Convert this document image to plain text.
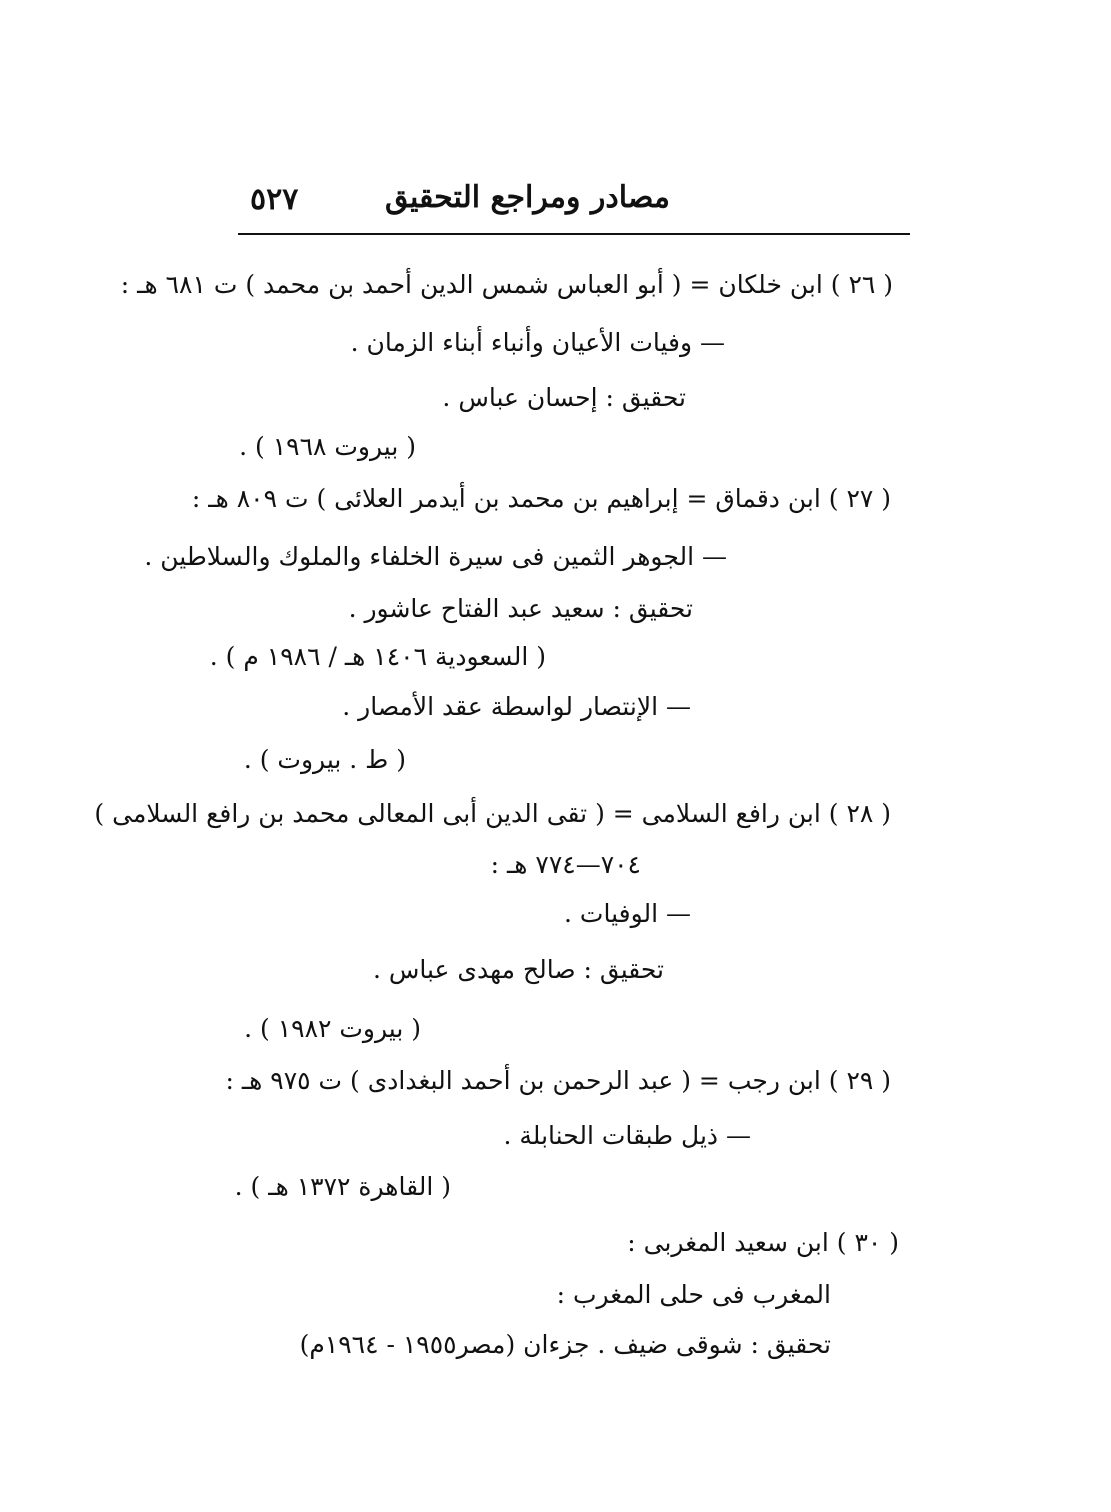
مصادر ومراجع التحقيق
٥٢٧
( ٢٦ ) ابن خلكان = ( أبو العباس شمس الدين أحمد بن محمد ) ت ٦٨١ هـ :
— وفيات الأعيان وأنباء أبناء الزمان .
تحقيق : إحسان عباس .
( بيروت ١٩٦٨ ) .
( ٢٧ ) ابن دقماق = إبراهيم بن محمد بن أيدمر العلائى ) ت ٨٠٩ هـ :
— الجوهر الثمين فى سيرة الخلفاء والملوك والسلاطين .
تحقيق : سعيد عبد الفتاح عاشور .
( السعودية ١٤٠٦ هـ / ١٩٨٦ م ) .
— الإنتصار لواسطة عقد الأمصار .
( ط . بيروت ) .
( ٢٨ ) ابن رافع السلامى = ( تقى الدين أبى المعالى محمد بن رافع السلامى )
٧٠٤—٧٧٤ هـ :
— الوفيات .
تحقيق : صالح مهدى عباس .
( بيروت ١٩٨٢ ) .
( ٢٩ ) ابن رجب = ( عبد الرحمن بن أحمد البغدادى ) ت ٩٧٥ هـ :
— ذيل طبقات الحنابلة .
( القاهرة ١٣٧٢ هـ ) .
( ٣٠ ) ابن سعيد المغربى :
المغرب فى حلى المغرب :
تحقيق : شوقى ضيف . جزءان (مصر١٩٥٥ - ١٩٦٤م)
